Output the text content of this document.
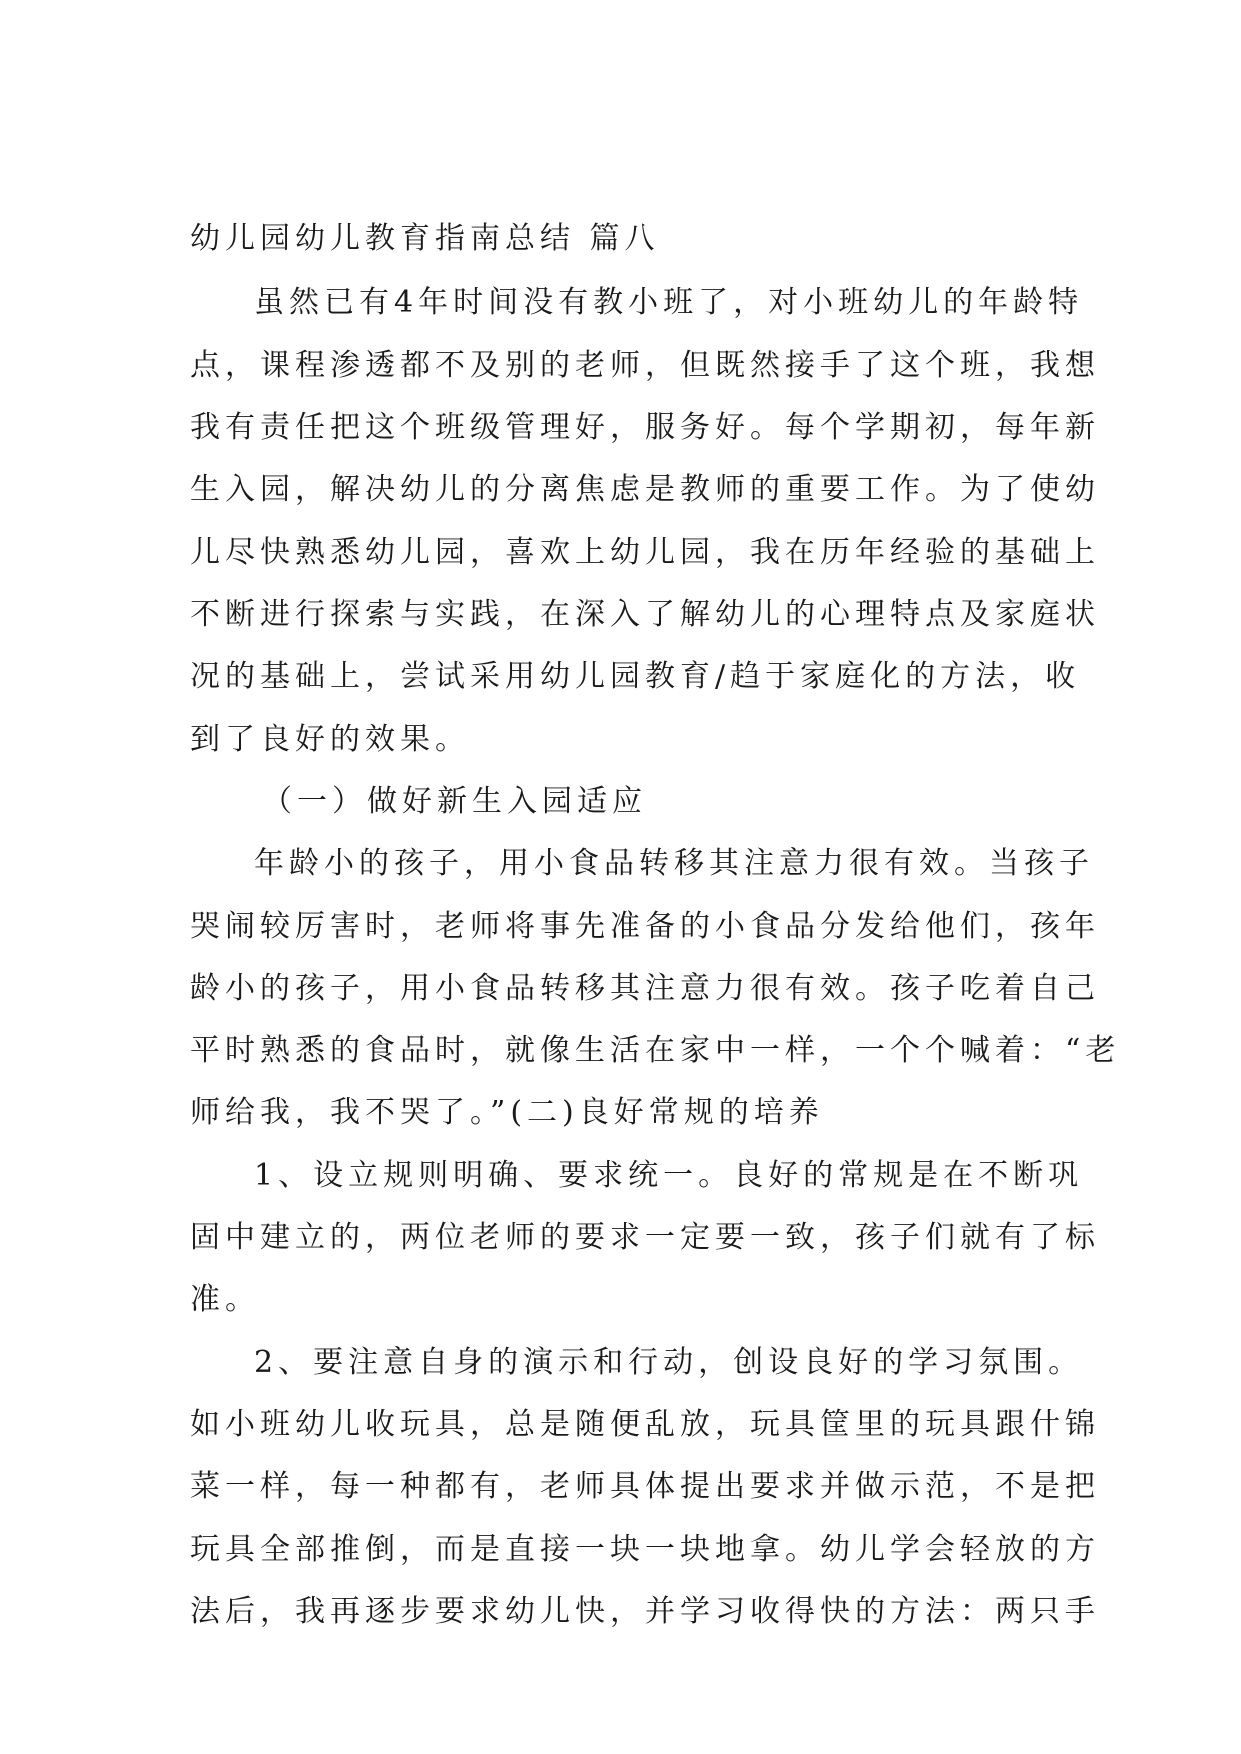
幼儿园幼儿教育指南总结 篇八
虽然已有4年时间没有教小班了，对小班幼儿的年龄特
点，课程渗透都不及别的老师，但既然接手了这个班，我想
我有责任把这个班级管理好，服务好。每个学期初，每年新
生入园，解决幼儿的分离焦虑是教师的重要工作。为了使幼
儿尽快熟悉幼儿园，喜欢上幼儿园，我在历年经验的基础上
不断进行探索与实践，在深入了解幼儿的心理特点及家庭状
况的基础上，尝试采用幼儿园教育/趋于家庭化的方法，收
到了良好的效果。
（一）做好新生入园适应
年龄小的孩子，用小食品转移其注意力很有效。当孩子
哭闹较厉害时，老师将事先准备的小食品分发给他们，孩年
龄小的孩子，用小食品转移其注意力很有效。孩子吃着自己
平时熟悉的食品时，就像生活在家中一样，一个个喊着：“老
师给我，我不哭了。”(二)良好常规的培养
1、设立规则明确、要求统一。良好的常规是在不断巩
固中建立的，两位老师的要求一定要一致，孩子们就有了标
准。
2、要注意自身的演示和行动，创设良好的学习氛围。
如小班幼儿收玩具，总是随便乱放，玩具筐里的玩具跟什锦
菜一样，每一种都有，老师具体提出要求并做示范，不是把
玩具全部推倒，而是直接一块一块地拿。幼儿学会轻放的方
法后，我再逐步要求幼儿快，并学习收得快的方法：两只手
